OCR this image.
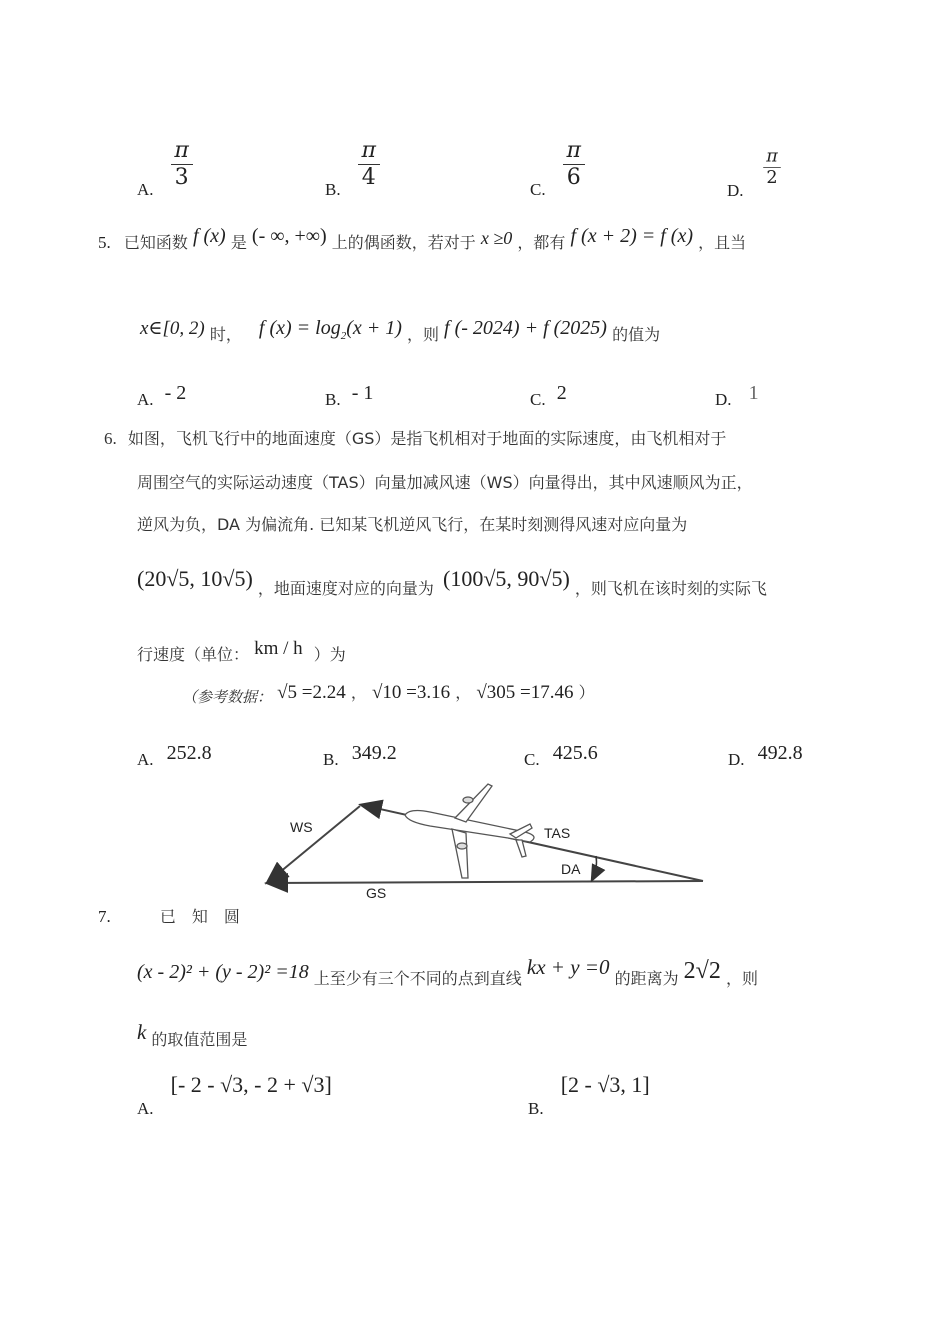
A.
$\frac{\pi}{3}$
B.
$\frac{\pi}{4}$
C.
$\frac{\pi}{6}$
D.
$\frac{\pi}{2}$
5. 已知函数 f (x) 是 (- ∞, +∞) 上的偶函数，若对于 x ≥0 ，都有 f (x + 2) = f (x) ，且当
x∈[0, 2) 时， f $(x) = \log_2(x + 1)$ ，则 f (- 2024) + f (2025) 的值为
A. - 2	B. - 1	C. 2	D. 1
6. 如图，飞机飞行中的地面速度（GS）是指飞机相对于地面的实际速度，由飞机相对于
周围空气的实际运动速度（TAS）向量加减风速（WS）向量得出，其中风速顺风为正，
逆风为负，DA 为偏流角. 已知某飞机逆风飞行，在某时刻测得风速对应向量为
(20√5, 10√5) ，地面速度对应的向量为 (100√5, 90√5) ，则飞机在该时刻的实际飞
行速度（单位： km / h ）为
（参考数据： √5 =2.24 ， √10 =3.16 ， √305 =17.46 ）
A. 252.8	B. 349.2	C. 425.6	D. 492.8
WS	TAS
GS
DA
7.	已　知　圆
(x - 2)² + (y - 2)² =18 上至少有三个不同的点到直线 kx + y =0 的距离为 2√2 ，则
k 的取值范围是
A. [- 2 - √3, - 2 + √3]
B. [2 - √3, 1]
